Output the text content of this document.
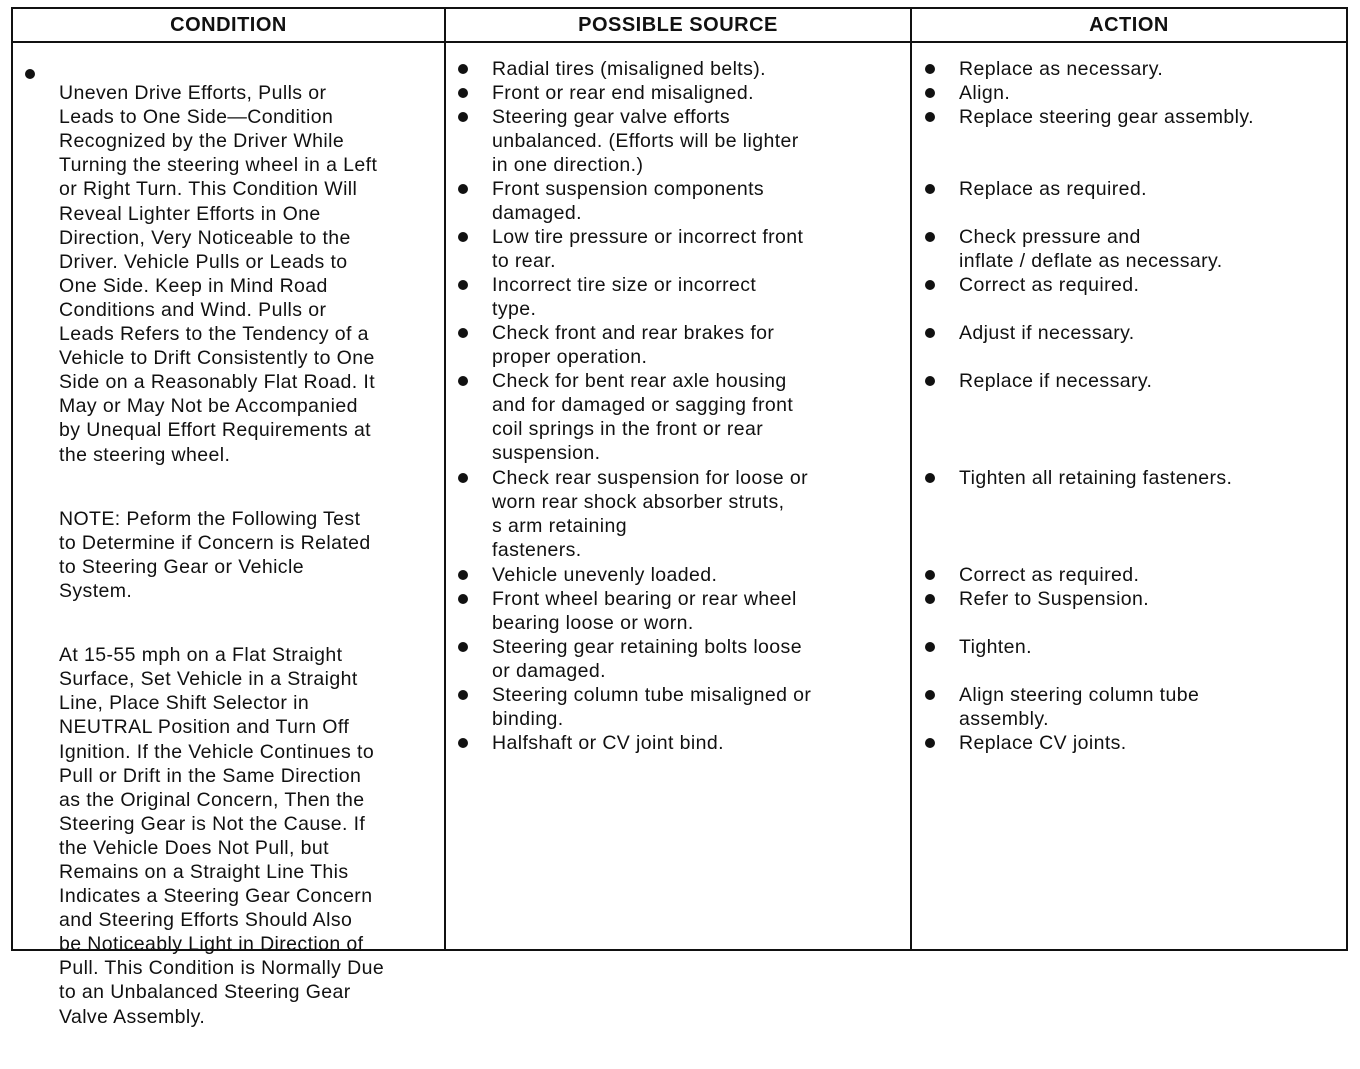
CONDITION	POSSIBLE SOURCE	ACTION

Uneven Drive Efforts, Pulls or
Leads to One Side—Condition
Recognized by the Driver While
Turning the steering wheel in a Left
or Right Turn. This Condition Will
Reveal Lighter Efforts in One
Direction, Very Noticeable to the
Driver. Vehicle Pulls or Leads to
One Side. Keep in Mind Road
Conditions and Wind. Pulls or
Leads Refers to the Tendency of a
Vehicle to Drift Consistently to One
Side on a Reasonably Flat Road. It
May or May Not be Accompanied
by Unequal Effort Requirements at
the steering wheel.

NOTE: Peform the Following Test
to Determine if Concern is Related
to Steering Gear or Vehicle
System.

At 15-55 mph on a Flat Straight
Surface, Set Vehicle in a Straight
Line, Place Shift Selector in
NEUTRAL Position and Turn Off
Ignition. If the Vehicle Continues to
Pull or Drift in the Same Direction
as the Original Concern, Then the
Steering Gear is Not the Cause. If
the Vehicle Does Not Pull, but
Remains on a Straight Line This
Indicates a Steering Gear Concern
and Steering Efforts Should Also
be Noticeably Light in Direction of
Pull. This Condition is Normally Due
to an Unbalanced Steering Gear
Valve Assembly.

Radial tires (misaligned belts).
Front or rear end misaligned.
Steering gear valve efforts
unbalanced. (Efforts will be lighter
in one direction.)
Front suspension components
damaged.
Low tire pressure or incorrect front
to rear.
Incorrect tire size or incorrect
type.
Check front and rear brakes for
proper operation.
Check for bent rear axle housing
and for damaged or sagging front
coil springs in the front or rear
suspension.
Check rear suspension for loose or
worn rear shock absorber struts,
s arm retaining
fasteners.
Vehicle unevenly loaded.
Front wheel bearing or rear wheel
bearing loose or worn.
Steering gear retaining bolts loose
or damaged.
Steering column tube misaligned or
binding.
Halfshaft or CV joint bind.
Replace as necessary.
Align.
Replace steering gear assembly.
Replace as required.
Check pressure and
inflate / deflate as necessary.
Correct as required.
Adjust if necessary.
Replace if necessary.
Tighten all retaining fasteners.
Correct as required.
Refer to Suspension.
Tighten.
Align steering column tube
assembly.
Replace CV joints.
